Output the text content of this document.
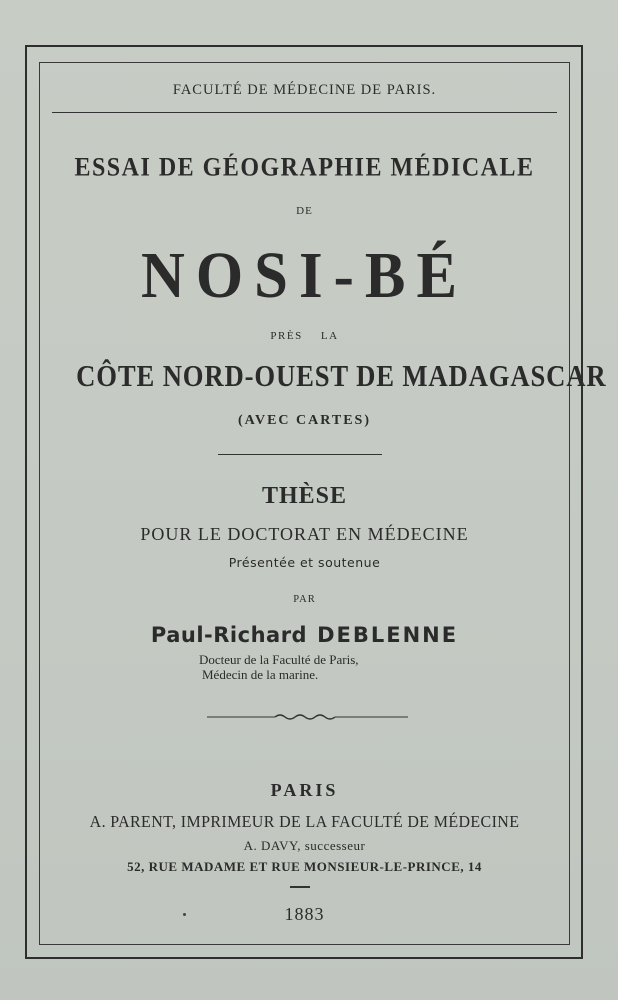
FACULTÉ DE MÉDECINE DE PARIS.
ESSAI DE GÉOGRAPHIE MÉDICALE
DE
NOSI-BÉ
PRÈS LA
CÔTE NORD-OUEST DE MADAGASCAR
(AVEC CARTES)
THÈSE
POUR LE DOCTORAT EN MÉDECINE
Présentée et soutenue
PAR
Paul-Richard DEBLENNE
Docteur de la Faculté de Paris,
Médecin de la marine.
PARIS
A. PARENT, IMPRIMEUR DE LA FACULTÉ DE MÉDECINE
A. DAVY, successeur
52, RUE MADAME ET RUE MONSIEUR-LE-PRINCE, 14
1883
